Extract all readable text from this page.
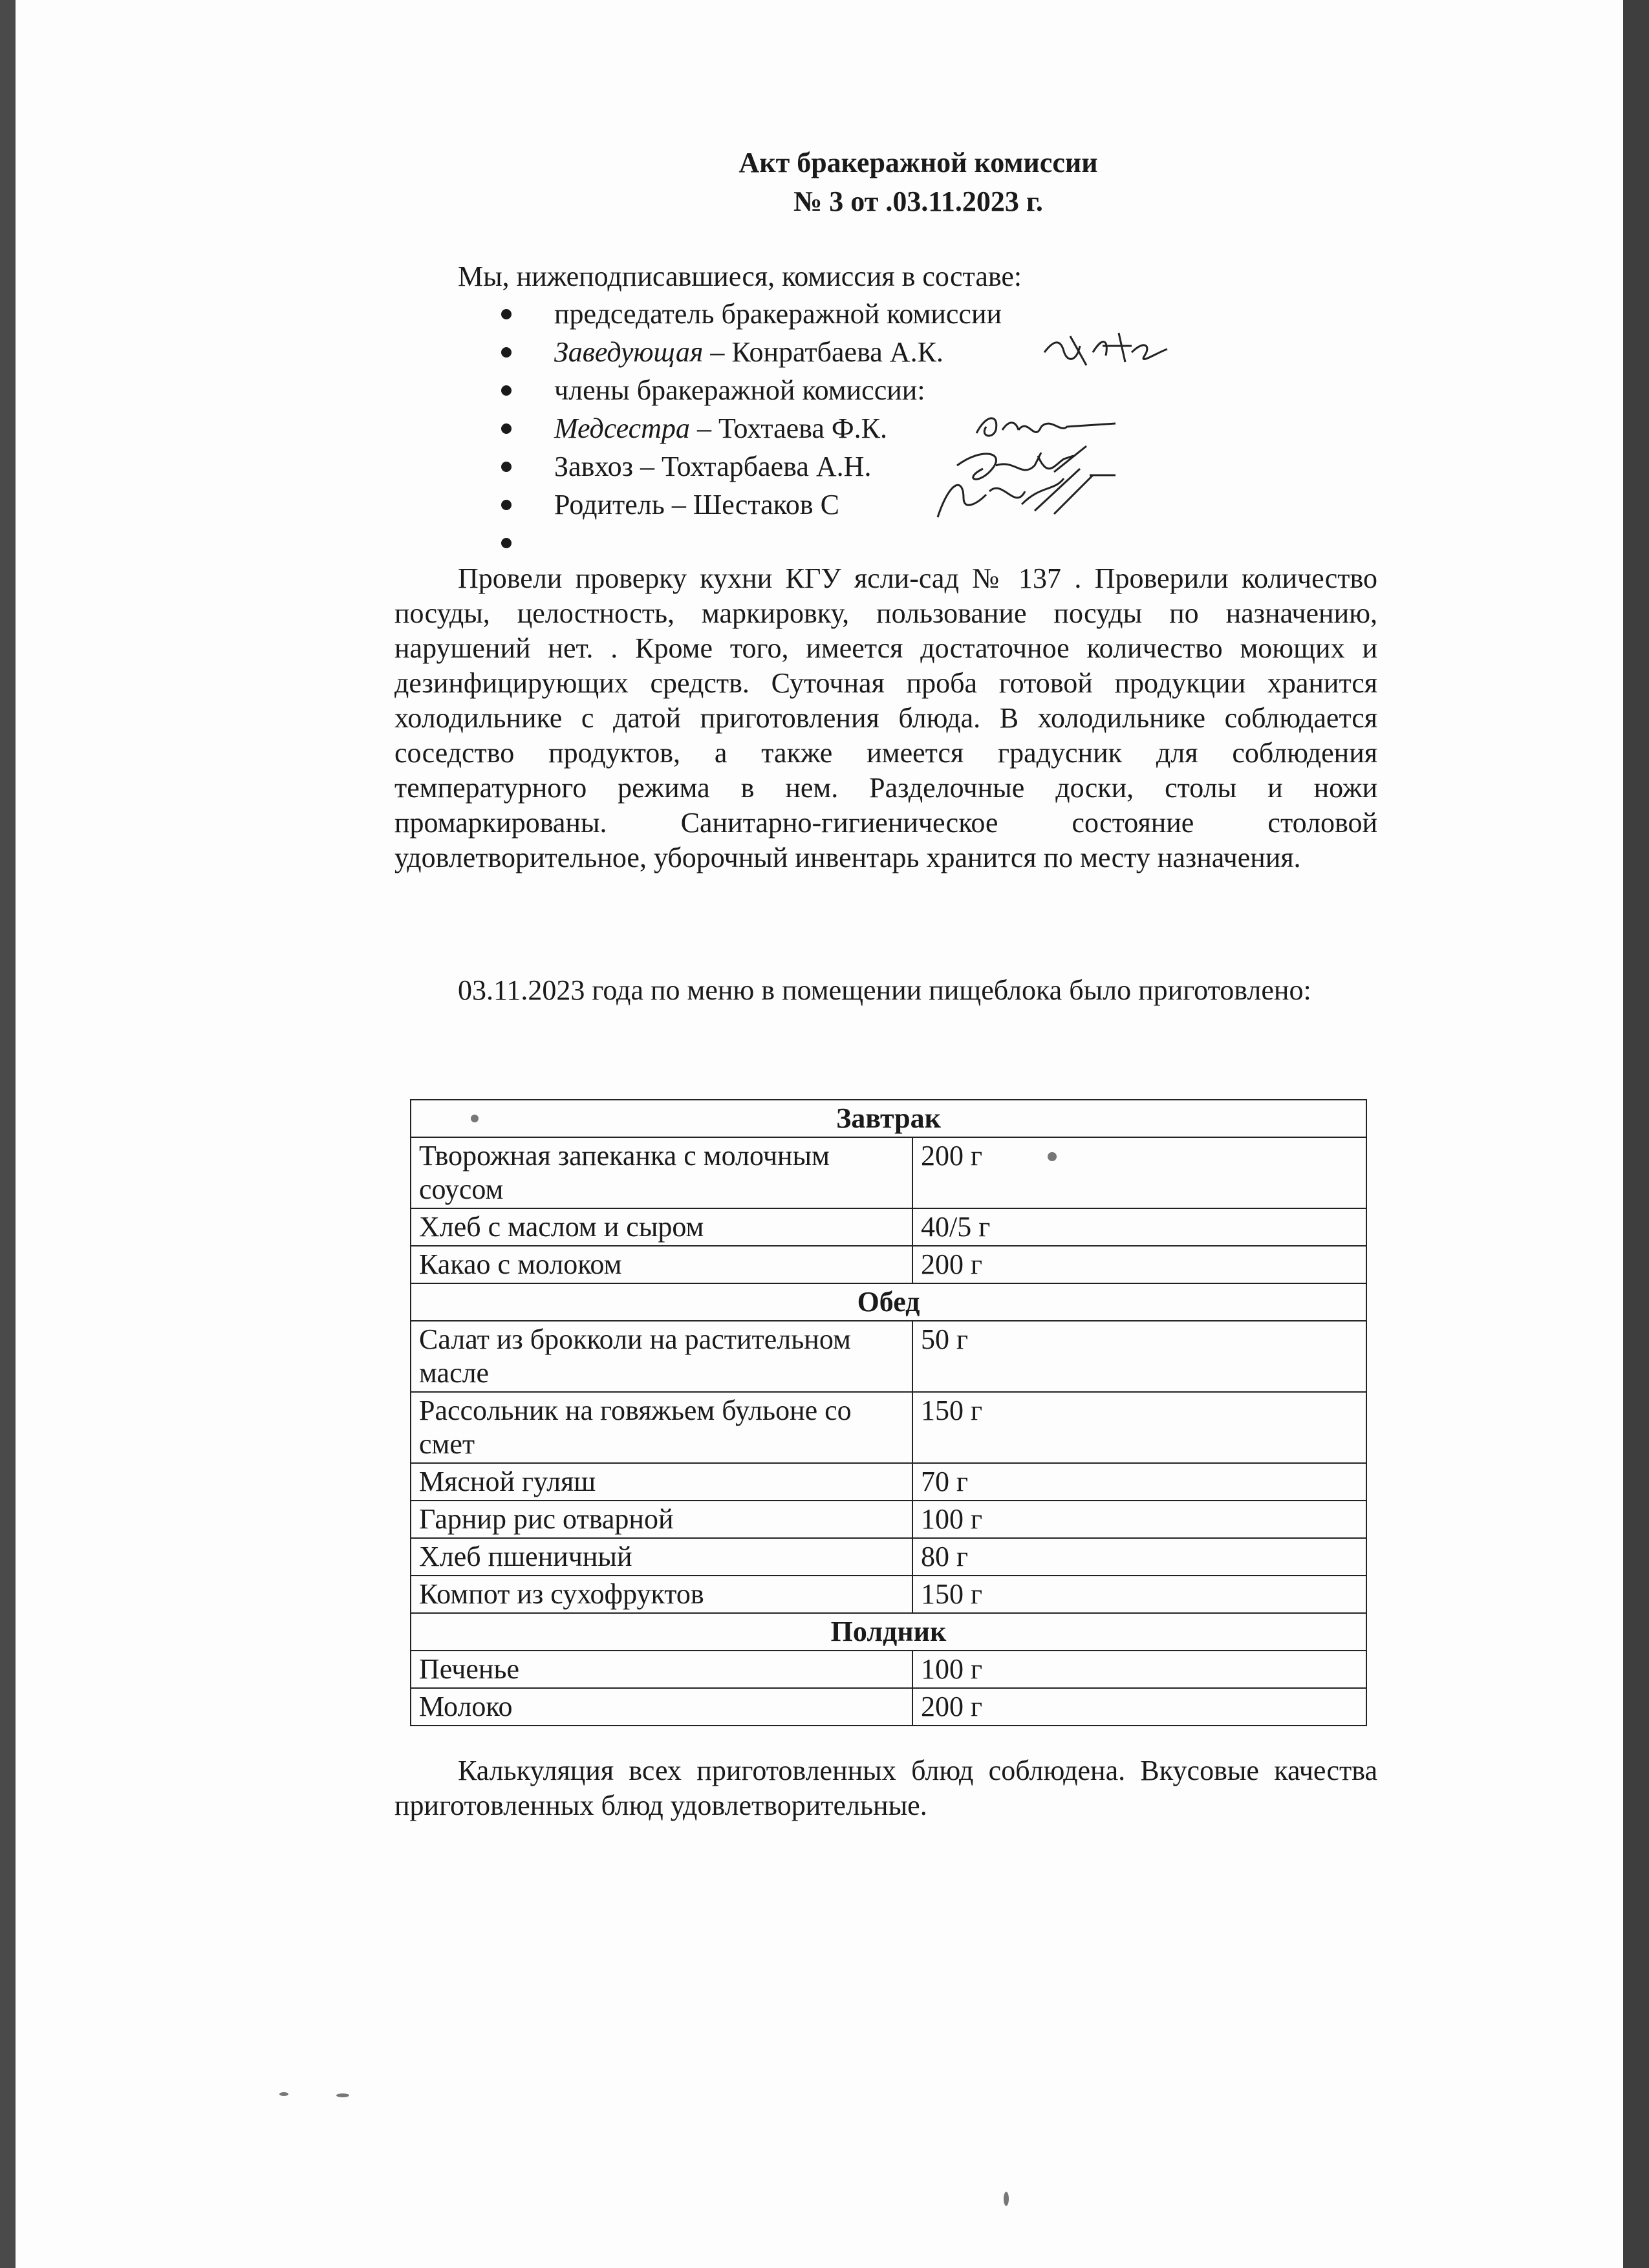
Акт бракеражной комиссии
№ 3 от .03.11.2023 г.
Мы, нижеподписавшиеся, комиссия в составе:
председатель бракеражной комиссии
Заведующая – Конратбаева А.К.
члены бракеражной комиссии:
Медсестра – Тохтаева Ф.К.
Завхоз – Тохтарбаева А.Н.
Родитель – Шестаков С

Провели проверку кухни КГУ ясли-сад № 137 . Проверили количество посуды, целостность, маркировку, пользование посуды по назначению, нарушений нет. . Кроме того, имеется достаточное количество моющих и дезинфицирующих средств. Суточная проба готовой продукции хранится холодильнике с датой приготовления блюда. В холодильнике соблюдается соседство продуктов, а также имеется градусник для соблюдения температурного режима в нем. Разделочные доски, столы и ножи промаркированы. Санитарно-гигиеническое состояние столовой удовлетворительное, уборочный инвентарь хранится по месту назначения.

03.11.2023 года по меню в помещении пищеблока было приготовлено:

Завтрак	
Творожная запеканка с молочным соусом	200 г
Хлеб с маслом и сыром	40/5 г
Какао с молоком	200 г
Обед	
Салат из брокколи на растительном масле	50 г
Рассольник на говяжьем бульоне со смет	150 г
Мясной гуляш	70 г
Гарнир рис отварной	100 г
Хлеб пшеничный	80 г
Компот из сухофруктов	150 г
Полдник	
Печенье	100 г
Молоко	200 г

Калькуляция всех приготовленных блюд соблюдена. Вкусовые качества приготовленных блюд удовлетворительные.
